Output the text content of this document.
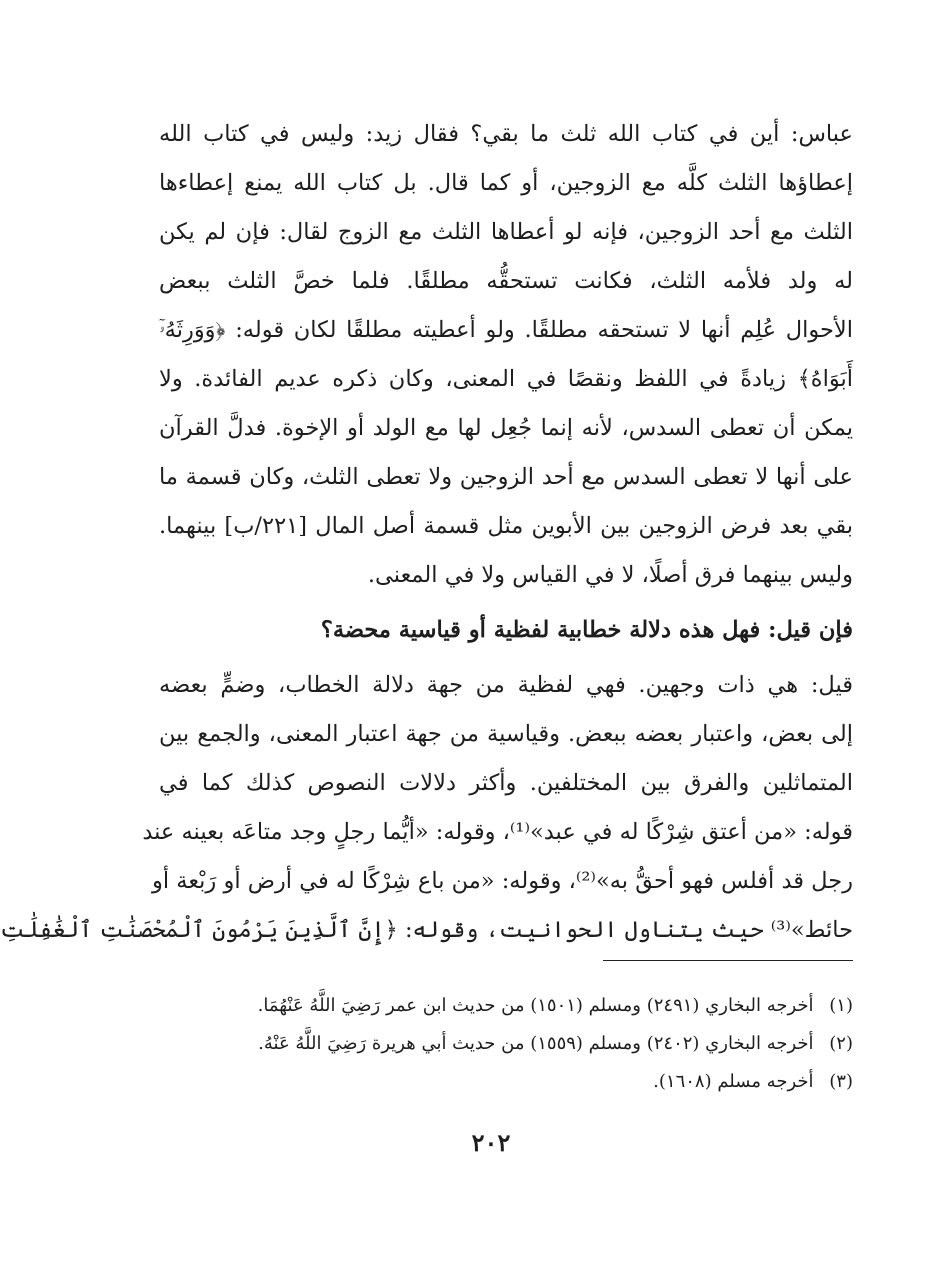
عباس: أين في كتاب الله ثلث ما بقي؟ فقال زيد: وليس في كتاب الله
إعطاؤها الثلث كلَّه مع الزوجين، أو كما قال. بل كتاب الله يمنع إعطاءها
الثلث مع أحد الزوجين، فإنه لو أعطاها الثلث مع الزوج لقال: فإن لم يكن
له ولد فلأمه الثلث، فكانت تستحقُّه مطلقًا. فلما خصَّ الثلث ببعض
الأحوال عُلِم أنها لا تستحقه مطلقًا. ولو أعطيته مطلقًا لكان قوله: ﴿وَوَرِثَهُۥٓ
أَبَوَاهُ﴾ زيادةً في اللفظ ونقصًا في المعنى، وكان ذكره عديم الفائدة. ولا
يمكن أن تعطى السدس، لأنه إنما جُعِل لها مع الولد أو الإخوة. فدلَّ القرآن
على أنها لا تعطى السدس مع أحد الزوجين ولا تعطى الثلث، وكان قسمة ما
بقي بعد فرض الزوجين بين الأبوين مثل قسمة أصل المال [٢٢١/ب] بينهما.
وليس بينهما فرق أصلًا، لا في القياس ولا في المعنى.
فإن قيل: فهل هذه دلالة خطابية لفظية أو قياسية محضة؟
قيل: هي ذات وجهين. فهي لفظية من جهة دلالة الخطاب، وضمٍّ بعضه
إلى بعض، واعتبار بعضه ببعض. وقياسية من جهة اعتبار المعنى، والجمع بين
المتماثلين والفرق بين المختلفين. وأكثر دلالات النصوص كذلك كما في
قوله: «من أعتق شِرْكًا له في عبد»⁽¹⁾، وقوله: «أيُّما رجلٍ وجد متاعَه بعينه عند
رجل قد أفلس فهو أحقُّ به»⁽²⁾، وقوله: «من باع شِرْكًا له في أرض أو رَبْعة أو
حائط»⁽³⁾ حيث يتناول الحوانيت، وقوله: ﴿إِنَّ ٱلَّذِينَ يَرْمُونَ ٱلْمُحْصَنَٰتِ ٱلْغَٰفِلَٰتِ
(١) أخرجه البخاري (٢٤٩١) ومسلم (١٥٠١) من حديث ابن عمر رَضِيَ اللَّهُ عَنْهُمَا.
(٢) أخرجه البخاري (٢٤٠٢) ومسلم (١٥٥٩) من حديث أبي هريرة رَضِيَ اللَّهُ عَنْهُ.
(٣) أخرجه مسلم (١٦٠٨).
٢٠٢
